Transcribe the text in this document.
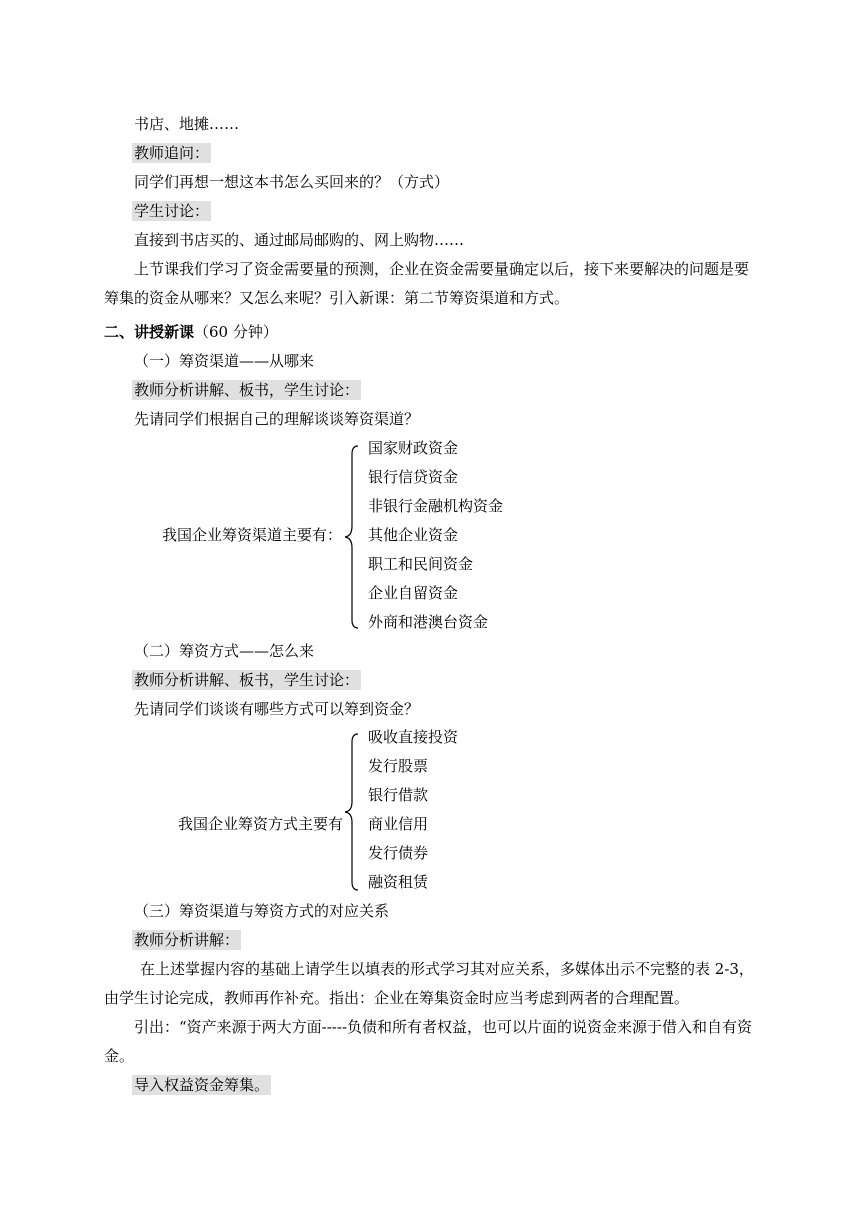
书店、地摊……
教师追问：
同学们再想一想这本书怎么买回来的？（方式）
学生讨论：
直接到书店买的、通过邮局邮购的、网上购物……
上节课我们学习了资金需要量的预测，企业在资金需要量确定以后，接下来要解决的问题是要
筹集的资金从哪来？又怎么来呢？引入新课：第二节筹资渠道和方式。
二、讲授新课（60 分钟）
（一）筹资渠道——从哪来
教师分析讲解、板书，学生讨论：
先请同学们根据自己的理解谈谈筹资渠道？
我国企业筹资渠道主要有：
国家财政资金
银行信贷资金
非银行金融机构资金
其他企业资金
职工和民间资金
企业自留资金
外商和港澳台资金
（二）筹资方式——怎么来
教师分析讲解、板书，学生讨论：
先请同学们谈谈有哪些方式可以筹到资金？
我国企业筹资方式主要有
吸收直接投资
发行股票
银行借款
商业信用
发行债券
融资租赁
（三）筹资渠道与筹资方式的对应关系
教师分析讲解：
在上述掌握内容的基础上请学生以填表的形式学习其对应关系，多媒体出示不完整的表 2-3，
由学生讨论完成，教师再作补充。指出：企业在筹集资金时应当考虑到两者的合理配置。
引出：“资产来源于两大方面-----负债和所有者权益，也可以片面的说资金来源于借入和自有资
金。
导入权益资金筹集。
